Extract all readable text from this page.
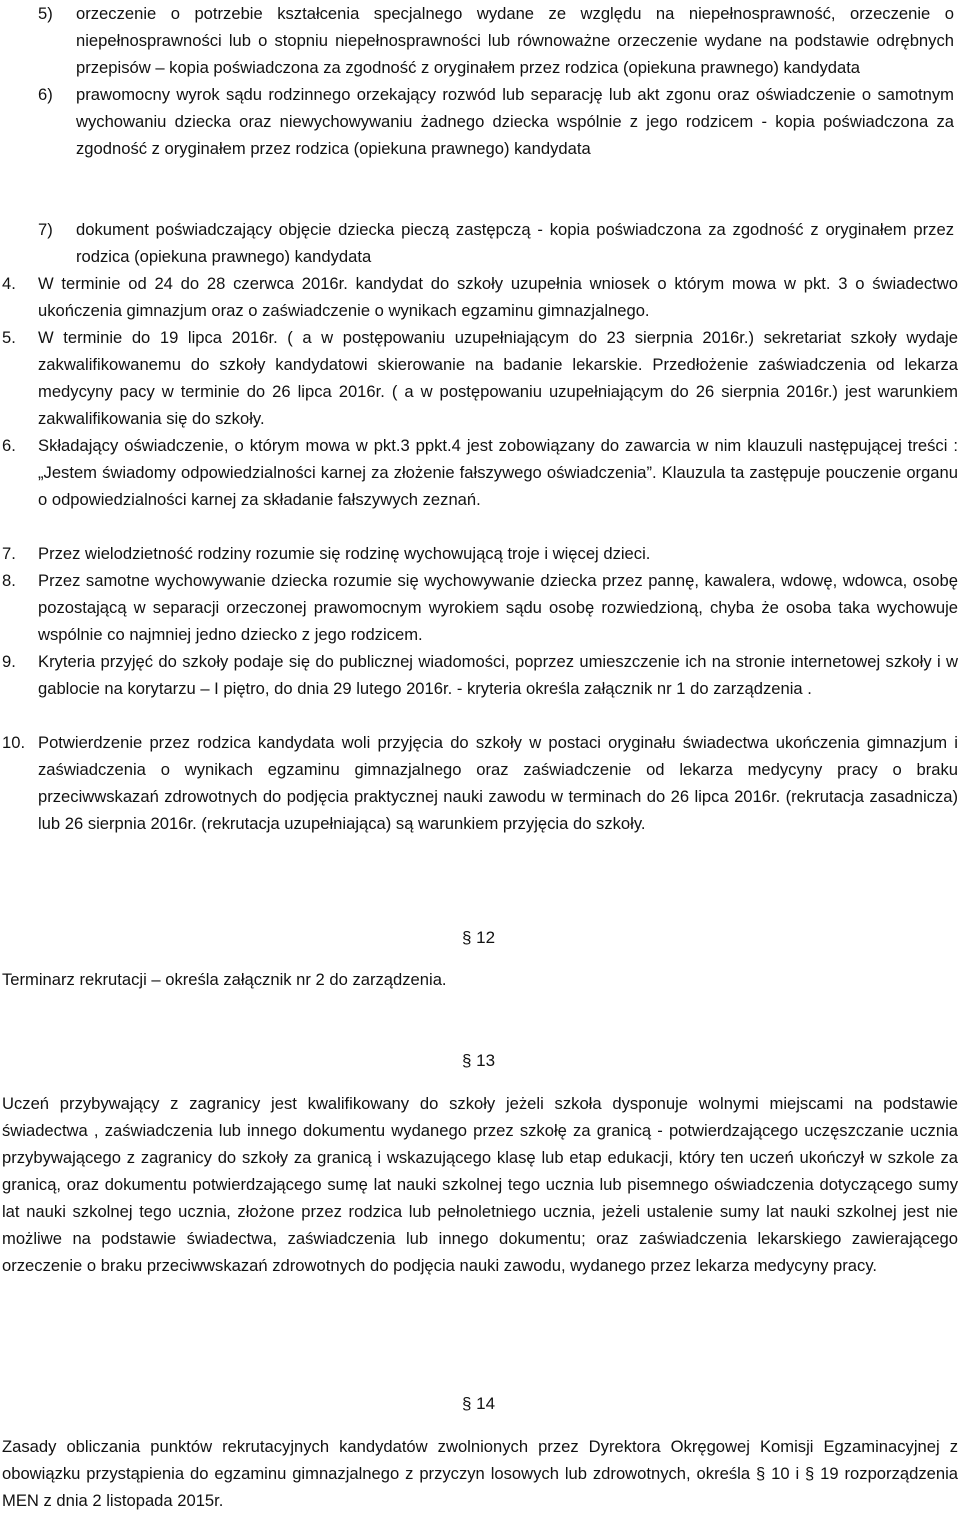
5) orzeczenie o potrzebie kształcenia specjalnego wydane ze względu na niepełnosprawność, orzeczenie o niepełnosprawności lub o stopniu niepełnosprawności lub równoważne orzeczenie wydane na podstawie odrębnych przepisów – kopia poświadczona za zgodność z oryginałem przez rodzica (opiekuna prawnego) kandydata
6) prawomocny wyrok sądu rodzinnego orzekający rozwód lub separację lub akt zgonu oraz oświadczenie o samotnym wychowaniu dziecka oraz niewychowywaniu żadnego dziecka wspólnie z jego rodzicem - kopia poświadczona za zgodność z oryginałem przez rodzica (opiekuna prawnego) kandydata
7) dokument poświadczający objęcie dziecka pieczą zastępczą - kopia poświadczona za zgodność z oryginałem przez rodzica (opiekuna prawnego) kandydata
4. W terminie od 24 do 28 czerwca 2016r. kandydat do szkoły uzupełnia wniosek o którym mowa w pkt. 3 o świadectwo ukończenia gimnazjum oraz o zaświadczenie o wynikach egzaminu gimnazjalnego.
5. W terminie do 19 lipca 2016r. ( a w postępowaniu uzupełniającym do 23 sierpnia 2016r.) sekretariat szkoły wydaje zakwalifikowanemu do szkoły kandydatowi skierowanie na badanie lekarskie. Przedłożenie zaświadczenia od lekarza medycyny pacy w terminie do 26 lipca 2016r. ( a w postępowaniu uzupełniającym do 26 sierpnia 2016r.) jest warunkiem zakwalifikowania się do szkoły.
6. Składający oświadczenie, o którym mowa w pkt.3 ppkt.4 jest zobowiązany do zawarcia w nim klauzuli następującej treści : „Jestem świadomy odpowiedzialności karnej za złożenie fałszywego oświadczenia”. Klauzula ta zastępuje pouczenie organu o odpowiedzialności karnej za składanie fałszywych zeznań.
7. Przez wielodzietność rodziny rozumie się rodzinę wychowującą troje i więcej dzieci.
8. Przez samotne wychowywanie dziecka rozumie się wychowywanie dziecka przez pannę, kawalera, wdowę, wdowca, osobę pozostającą w separacji orzeczonej prawomocnym wyrokiem sądu osobę rozwiedzioną, chyba że osoba taka wychowuje wspólnie co najmniej jedno dziecko z jego rodzicem.
9. Kryteria przyjęć do szkoły podaje się do publicznej wiadomości, poprzez umieszczenie ich na stronie internetowej szkoły i w gablocie na korytarzu – I piętro, do dnia 29 lutego 2016r. - kryteria określa załącznik nr 1 do zarządzenia .
10. Potwierdzenie przez rodzica kandydata woli przyjęcia do szkoły w postaci oryginału świadectwa ukończenia gimnazjum i zaświadczenia o wynikach egzaminu gimnazjalnego oraz zaświadczenie od lekarza medycyny pracy o braku przeciwwskazań zdrowotnych do podjęcia praktycznej nauki zawodu w terminach do 26 lipca 2016r. (rekrutacja zasadnicza) lub 26 sierpnia 2016r. (rekrutacja uzupełniająca) są warunkiem przyjęcia do szkoły.

§ 12

Terminarz rekrutacji – określa załącznik nr 2 do zarządzenia.

§ 13

Uczeń przybywający z zagranicy jest kwalifikowany do szkoły jeżeli szkoła dysponuje wolnymi miejscami na podstawie świadectwa , zaświadczenia lub innego dokumentu wydanego przez szkołę za granicą - potwierdzającego uczęszczanie ucznia przybywającego z zagranicy do szkoły za granicą i wskazującego klasę lub etap edukacji, który ten uczeń ukończył w szkole za granicą, oraz dokumentu potwierdzającego sumę lat nauki szkolnej tego ucznia lub pisemnego oświadczenia dotyczącego sumy lat nauki szkolnej tego ucznia, złożone przez rodzica lub pełnoletniego ucznia, jeżeli ustalenie sumy lat nauki szkolnej jest nie możliwe na podstawie świadectwa, zaświadczenia lub innego dokumentu; oraz zaświadczenia lekarskiego zawierającego orzeczenie o braku przeciwwskazań zdrowotnych do podjęcia nauki zawodu, wydanego przez lekarza medycyny pracy.

§ 14

Zasady obliczania punktów rekrutacyjnych kandydatów zwolnionych przez Dyrektora Okręgowej Komisji Egzaminacyjnej z obowiązku przystąpienia do egzaminu gimnazjalnego z przyczyn losowych lub zdrowotnych, określa § 10 i § 19 rozporządzenia MEN z dnia 2 listopada 2015r.
